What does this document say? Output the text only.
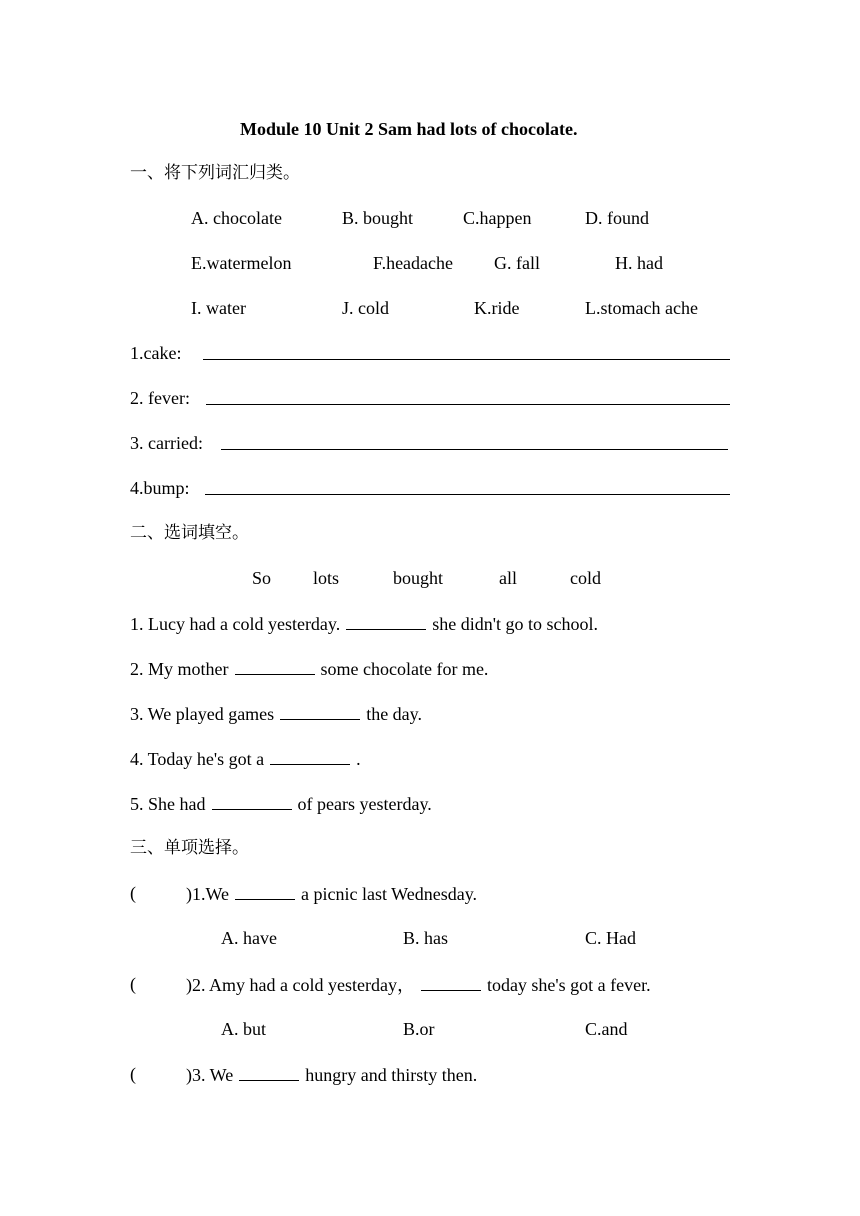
Module 10 Unit 2 Sam had lots of chocolate.
一、将下列词汇归类。
A. chocolate	B. bought	C.happen	D. found
E.watermelon	F.headache G. fall	H. had
I. water	J. cold	K.ride	L.stomach ache
1.cake:
2. fever:
3. carried:
4.bump:
二、选词填空。
So lots	bought	all	cold
1. Lucy had a cold yesterday.	she didn't go to school.
2. My mother	some chocolate for me.
3. We played games	the day.
4. Today he's got a	.
5. She had	of pears yesterday.
三、单项选择。
(	)1.We	a picnic last Wednesday.
A. have	B. has	C. Had
(	)2. Amy had a cold yesterday，	today she's got a fever.
A. but	B.or	C.and
(	)3. We	hungry and thirsty then.
